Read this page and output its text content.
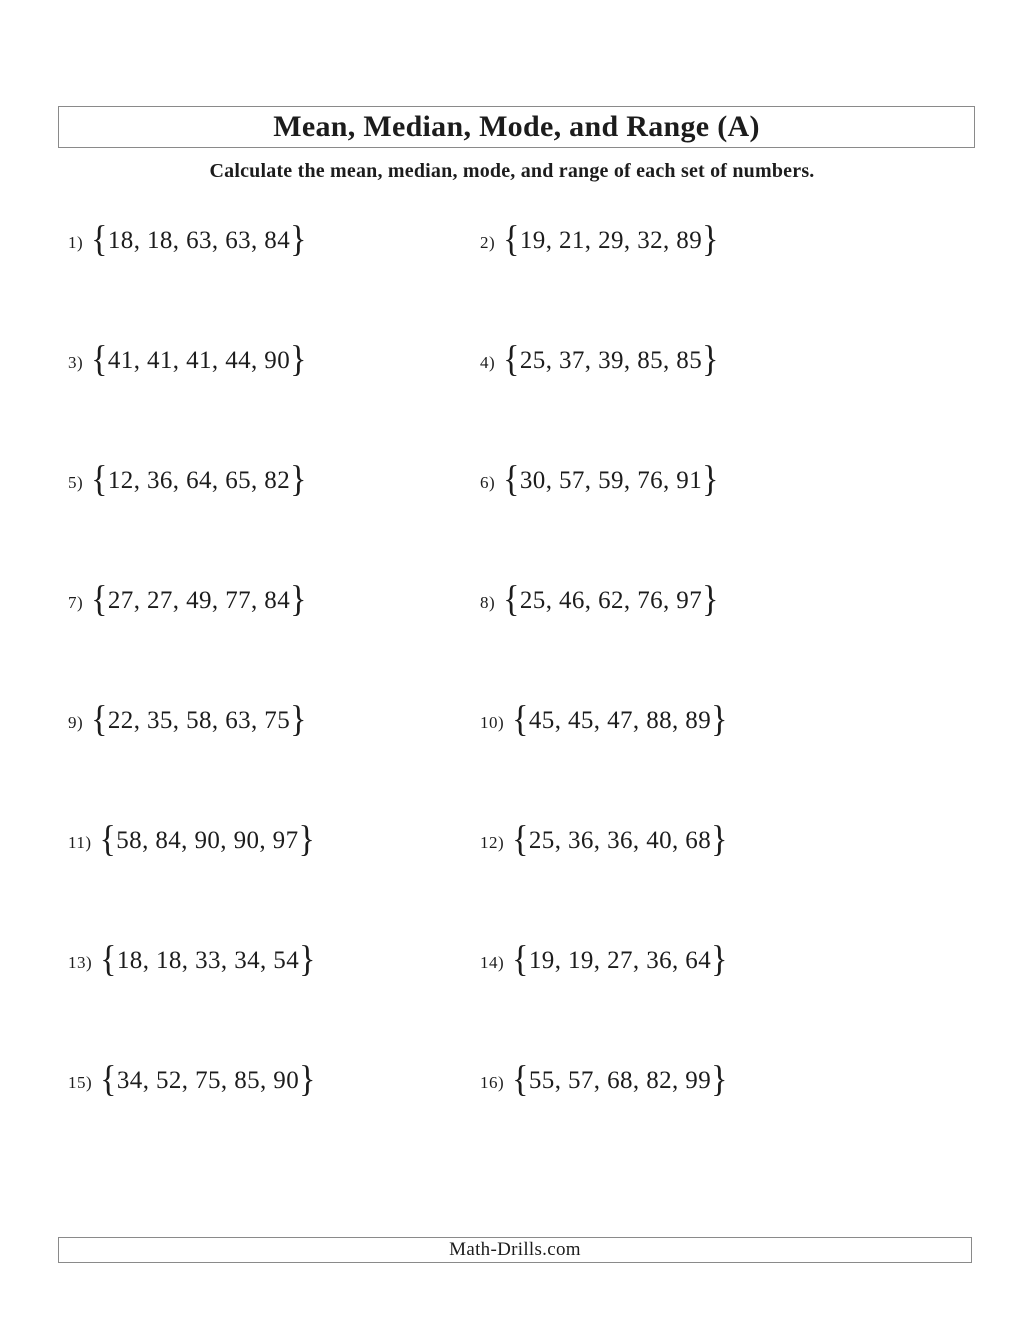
Mean, Median, Mode, and Range (A)
Calculate the mean, median, mode, and range of each set of numbers.
1) {18, 18, 63, 63, 84}	2) {19, 21, 29, 32, 89}
3) {41, 41, 41, 44, 90}	4) {25, 37, 39, 85, 85}
5) {12, 36, 64, 65, 82}	6) {30, 57, 59, 76, 91}
7) {27, 27, 49, 77, 84}	8) {25, 46, 62, 76, 97}
9) {22, 35, 58, 63, 75}	10) {45, 45, 47, 88, 89}
11) {58, 84, 90, 90, 97}	12) {25, 36, 36, 40, 68}
13) {18, 18, 33, 34, 54}	14) {19, 19, 27, 36, 64}
15) {34, 52, 75, 85, 90}	16) {55, 57, 68, 82, 99}
Math-Drills.com
